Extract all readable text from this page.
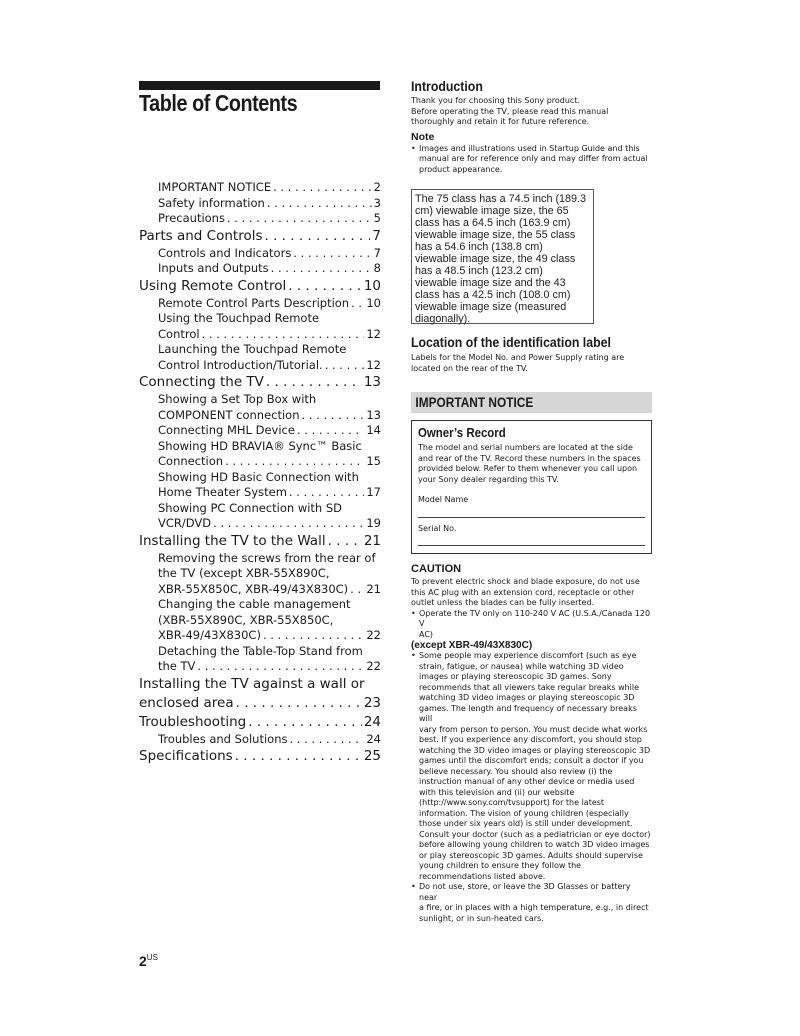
Table of Contents
IMPORTANT NOTICE . . .	2
Safety information . . .	3
Precautions . . .	5
Parts and Controls . . .	7
Controls and Indicators . . .	7
Inputs and Outputs . . .	8
Using Remote Control . . .	10
Remote Control Parts Description . . . 10
Using the Touchpad Remote
Control . . .	12
Launching the Touchpad Remote
Control Introduction/Tutorial. . . .	12
Connecting the TV . . .	13
Showing a Set Top Box with
COMPONENT connection . . .	13
Connecting MHL Device . . .	14
Showing HD BRAVIA® Sync™ Basic
Connection . . .	15
Showing HD Basic Connection with
Home Theater System . . .	17
Showing PC Connection with SD
VCR/DVD . . .	19
Installing the TV to the Wall . . .	21
Removing the screws from the rear of
the TV (except XBR-55X890C,
XBR-55X850C, XBR-49/43X830C) . . . 21
Changing the cable management
(XBR-55X890C, XBR-55X850C,
XBR-49/43X830C) . . .	22
Detaching the Table-Top Stand from
the TV . . .	22
Installing the TV against a wall or
enclosed area . . .	23
Troubleshooting . . .	24
Troubles and Solutions . . .	24
Specifications . . .	25
$2^{US}$
Introduction
Thank you for choosing this Sony product.
Before operating the TV, please read this manual
thoroughly and retain it for future reference.
Note
• Images and illustrations used in Startup Guide and this
manual are for reference only and may differ from actual
product appearance.
The 75 class has a 74.5 inch (189.3
cm) viewable image size, the 65
class has a 64.5 inch (163.9 cm)
viewable image size, the 55 class
has a 54.6 inch (138.8 cm)
viewable image size, the 49 class
has a 48.5 inch (123.2 cm)
viewable image size and the 43
class has a 42.5 inch (108.0 cm)
viewable image size (measured
diagonally).
Location of the identification label
Labels for the Model No. and Power Supply rating are
located on the rear of the TV.
IMPORTANT NOTICE
Owner’s Record
The model and serial numbers are located at the side
and rear of the TV. Record these numbers in the spaces
provided below. Refer to them whenever you call upon
your Sony dealer regarding this TV.
Model Name
Serial No.
CAUTION
To prevent electric shock and blade exposure, do not use
this AC plug with an extension cord, receptacle or other
outlet unless the blades can be fully inserted.
• Operate the TV only on 110-240 V AC (U.S.A./Canada 120 V
AC)
(except XBR-49/43X830C)
• Some people may experience discomfort (such as eye
strain, fatigue, or nausea) while watching 3D video
images or playing stereoscopic 3D games. Sony
recommends that all viewers take regular breaks while
watching 3D video images or playing stereoscopic 3D
games. The length and frequency of necessary breaks will
vary from person to person. You must decide what works
best. If you experience any discomfort, you should stop
watching the 3D video images or playing stereoscopic 3D
games until the discomfort ends; consult a doctor if you
believe necessary. You should also review (i) the
instruction manual of any other device or media used
with this television and (ii) our website
(http://www.sony.com/tvsupport) for the latest
information. The vision of young children (especially
those under six years old) is still under development.
Consult your doctor (such as a pediatrician or eye doctor)
before allowing young children to watch 3D video images
or play stereoscopic 3D games. Adults should supervise
young children to ensure they follow the
recommendations listed above.
• Do not use, store, or leave the 3D Glasses or battery near
a fire, or in places with a high temperature, e.g., in direct
sunlight, or in sun-heated cars.
